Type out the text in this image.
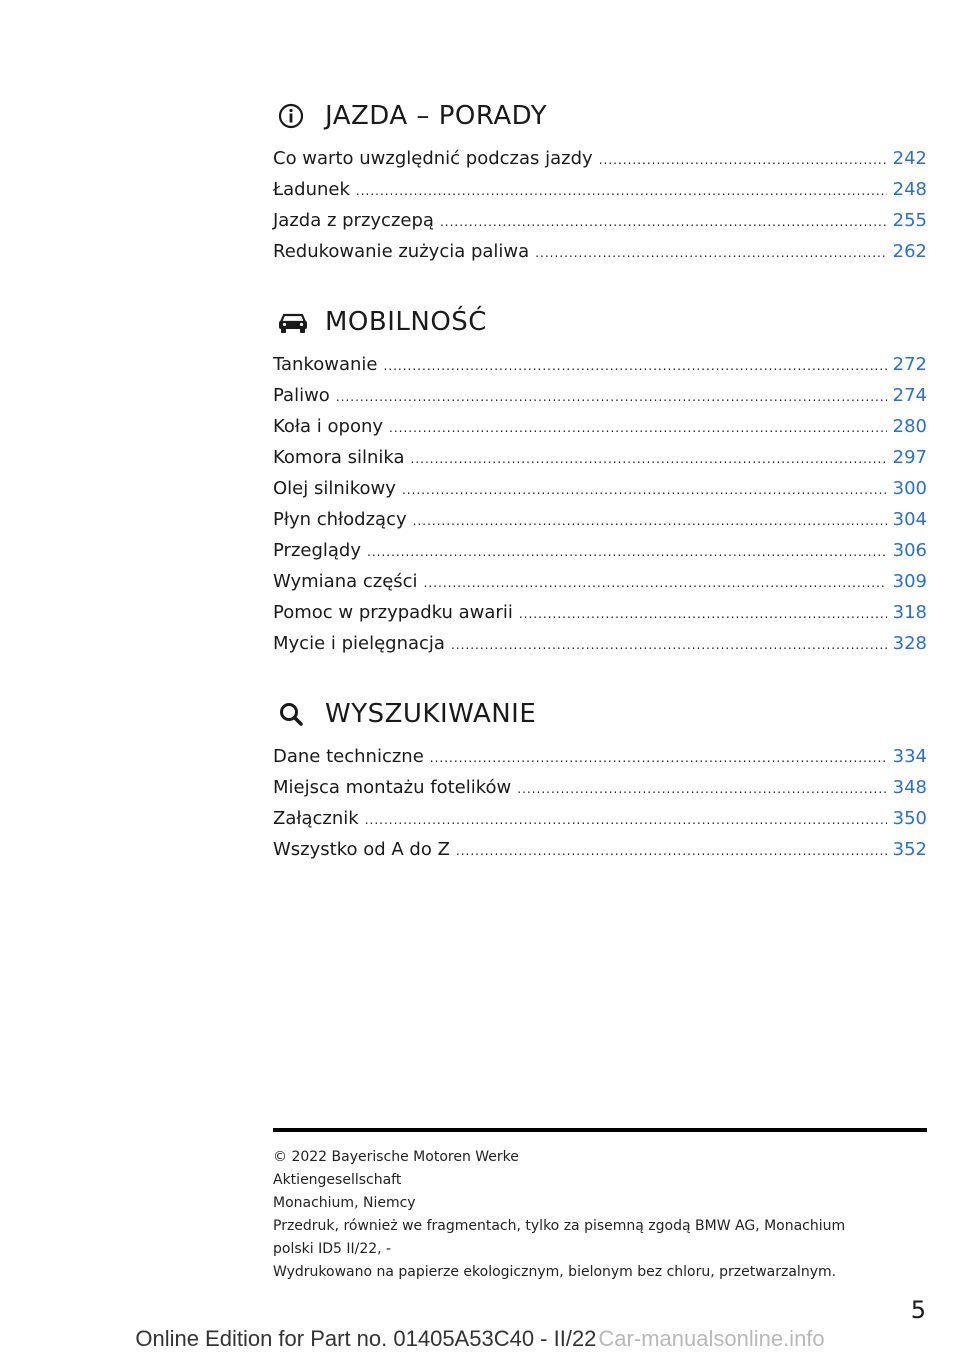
JAZDA – PORADY
Co warto uwzględnić podczas jazdy .....	242
Ładunek .....	248
Jazda z przyczepą .....	255
Redukowanie zużycia paliwa .....	262
MOBILNOŚĆ
Tankowanie .....	272
Paliwo .....	274
Koła i opony .....	280
Komora silnika .....	297
Olej silnikowy .....	300
Płyn chłodzący .....	304
Przeglądy .....	306
Wymiana części .....	309
Pomoc w przypadku awarii .....	318
Mycie i pielęgnacja .....	328
WYSZUKIWANIE
Dane techniczne .....	334
Miejsca montażu fotelików .....	348
Załącznik .....	350
Wszystko od A do Z .....	352
© 2022 Bayerische Motoren Werke
Aktiengesellschaft
Monachium, Niemcy
Przedruk, również we fragmentach, tylko za pisemną zgodą BMW AG, Monachium
polski ID5 II/22, -
Wydrukowano na papierze ekologicznym, bielonym bez chloru, przetwarzalnym.
5
Online Edition for Part no. 01405A53C40 - II/22Car-manualsonline.info
